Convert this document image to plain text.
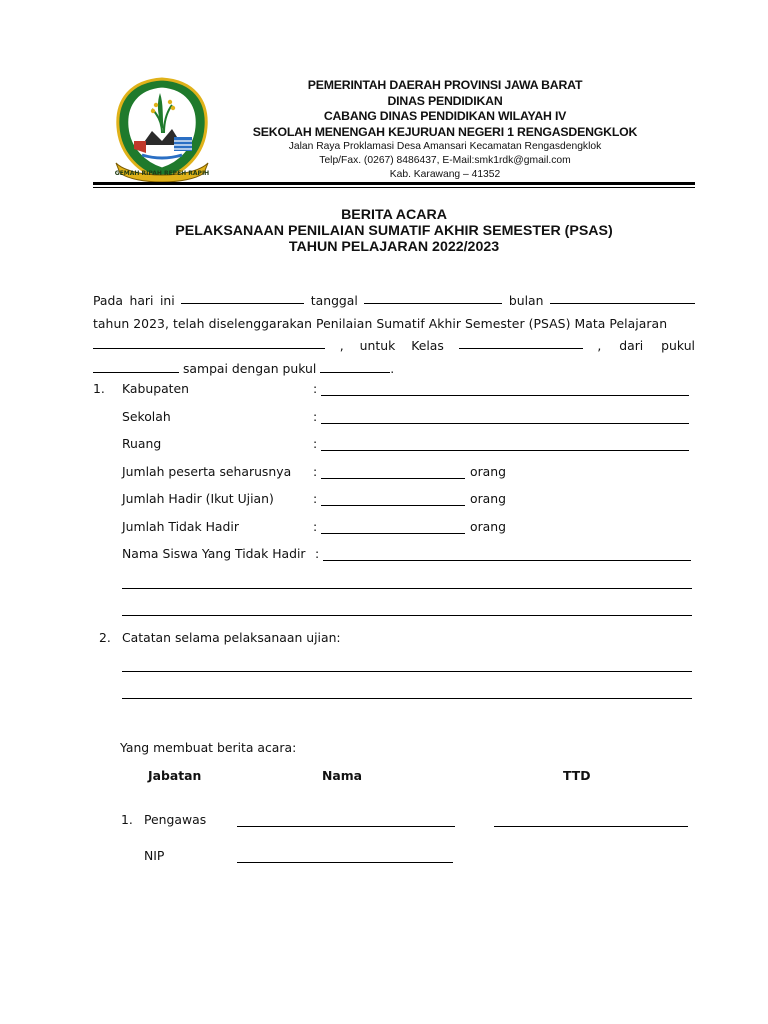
GEMAH RIPAH REPEH RAPIH
PEMERINTAH DAERAH PROVINSI JAWA BARAT
DINAS PENDIDIKAN
CABANG DINAS PENDIDIKAN WILAYAH IV
SEKOLAH MENENGAH KEJURUAN NEGERI 1 RENGASDENGKLOK
Jalan Raya Proklamasi Desa Amansari Kecamatan Rengasdengklok
Telp/Fax. (0267) 8486437, E-Mail:smk1rdk@gmail.com
Kab. Karawang – 41352
BERITA ACARA
PELAKSANAAN PENILAIAN SUMATIF AKHIR SEMESTER (PSAS)
TAHUN PELAJARAN 2022/2023
Pada hari ini	tanggal	bulan
tahun 2023, telah diselenggarakan Penilaian Sumatif Akhir Semester (PSAS) Mata Pelajaran
, untuk Kelas	, dari pukul
sampai dengan pukul	.
1. Kabupaten	:
Sekolah	:
Ruang	:
Jumlah peserta seharusnya :	orang
Jumlah Hadir (Ikut Ujian)	:	orang
Jumlah Tidak Hadir	:	orang
Nama Siswa Yang Tidak Hadir :
2. Catatan selama pelaksanaan ujian:
Yang membuat berita acara:
Jabatan	Nama	TTD
1. Pengawas
NIP
